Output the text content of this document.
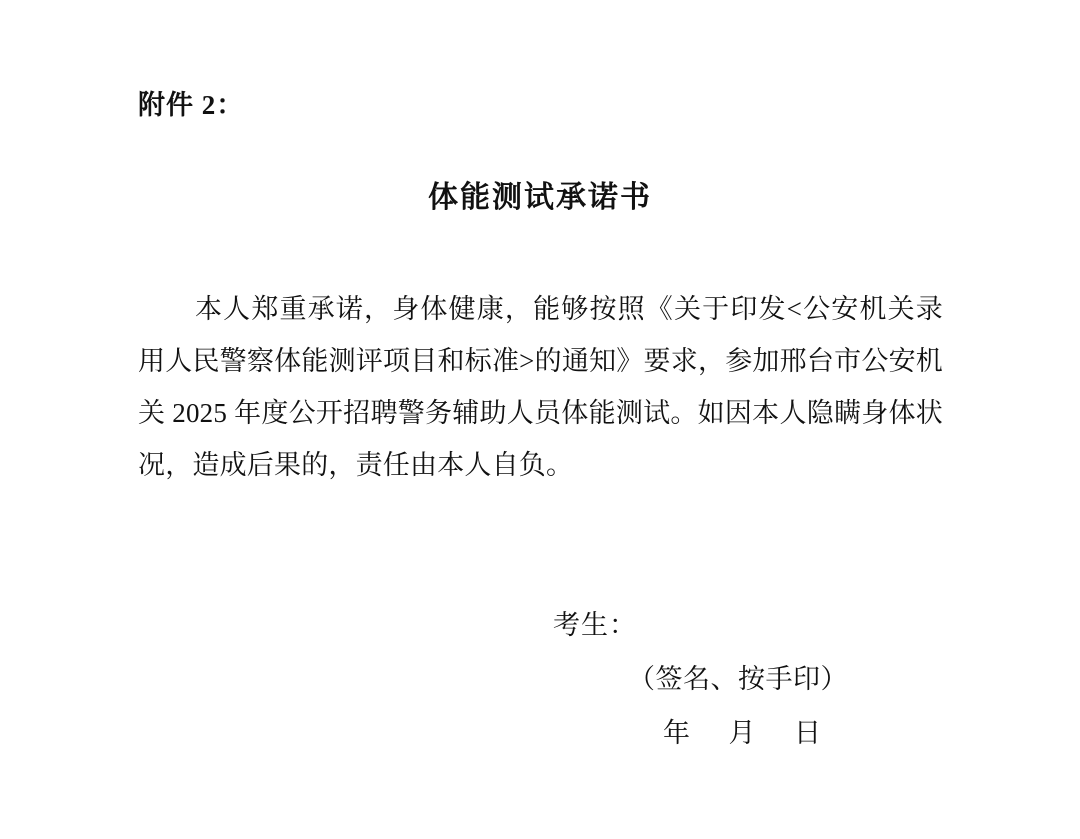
附件 2：
体能测试承诺书
本人郑重承诺，身体健康，能够按照《关于印发<公安机关录用人民警察体能测评项目和标准>的通知》要求，参加邢台市公安机关 2025 年度公开招聘警务辅助人员体能测试。如因本人隐瞒身体状况，造成后果的，责任由本人自负。
考生：
（签名、按手印）
年 月 日
